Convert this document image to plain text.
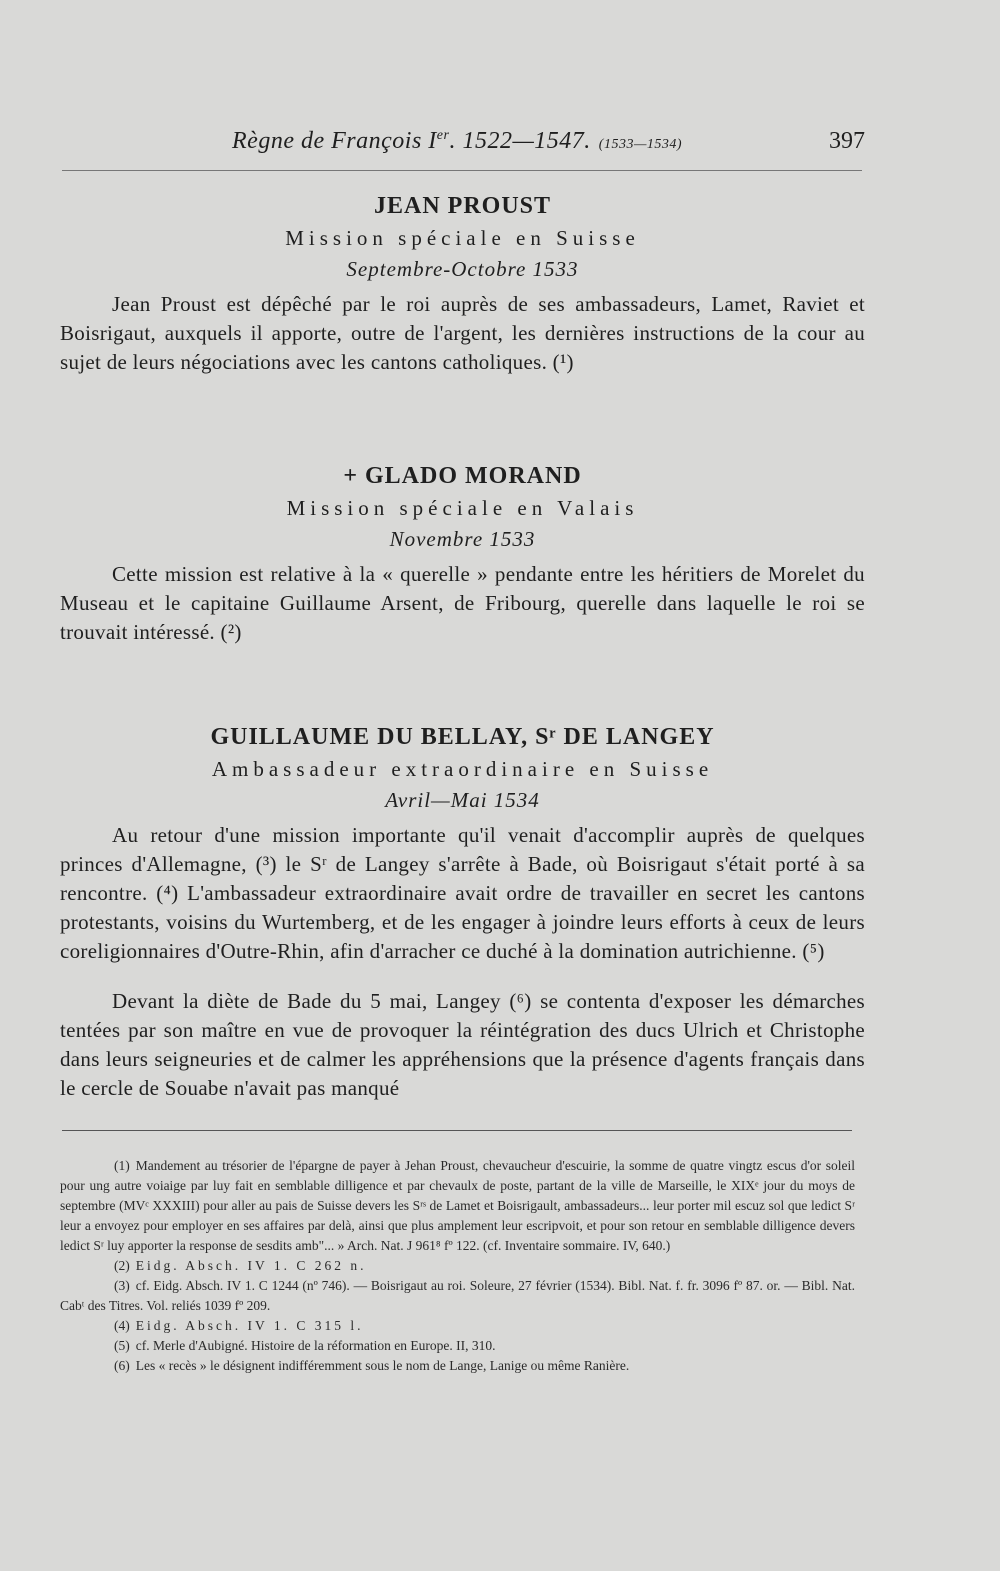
Règne de François Ier. 1522—1547. (1533—1534)	397
JEAN PROUST
Mission spéciale en Suisse
Septembre-Octobre 1533

Jean Proust est dépêché par le roi auprès de ses ambassadeurs, Lamet, Raviet et Boisrigaut, auxquels il apporte, outre de l'argent, les dernières instructions de la cour au sujet de leurs négociations avec les cantons catholiques. (¹)

+ GLADO MORAND
Mission spéciale en Valais
Novembre 1533

Cette mission est relative à la « querelle » pendante entre les héritiers de Morelet du Museau et le capitaine Guillaume Arsent, de Fribourg, querelle dans laquelle le roi se trouvait intéressé. (²)

GUILLAUME DU BELLAY, Sʳ DE LANGEY
Ambassadeur extraordinaire en Suisse
Avril—Mai 1534

Au retour d'une mission importante qu'il venait d'accomplir auprès de quelques princes d'Allemagne, (³) le Sʳ de Langey s'arrête à Bade, où Boisrigaut s'était porté à sa rencontre. (⁴) L'ambassadeur extraordinaire avait ordre de travailler en secret les cantons protestants, voisins du Wurtemberg, et de les engager à joindre leurs efforts à ceux de leurs coreligionnaires d'Outre-Rhin, afin d'arracher ce duché à la domination autrichienne. (⁵)

Devant la diète de Bade du 5 mai, Langey (⁶) se contenta d'exposer les démarches tentées par son maître en vue de provoquer la réintégration des ducs Ulrich et Christophe dans leurs seigneuries et de calmer les appréhensions que la présence d'agents français dans le cercle de Souabe n'avait pas manqué

(1) Mandement au trésorier de l'épargne de payer à Jehan Proust, chevaucheur d'escuirie, la somme de quatre vingtz escus d'or soleil pour ung autre voiaige par luy fait en semblable dilligence et par chevaulx de poste, partant de la ville de Marseille, le XIXᵉ jour du moys de septembre (MVᶜ XXXIII) pour aller au pais de Suisse devers les Sʳˢ de Lamet et Boisrigault, ambassadeurs... leur porter mil escuz sol que ledict Sʳ leur a envoyez pour employer en ses affaires par delà, ainsi que plus amplement leur escripvoit, et pour son retour en semblable dilligence devers ledict Sʳ luy apporter la response de sesdits amb"... » Arch. Nat. J 961⁸ fº 122. (cf. Inventaire sommaire. IV, 640.)
(2) Eidg. Absch. IV 1. C 262 n.
(3) cf. Eidg. Absch. IV 1. C 1244 (nº 746). — Boisrigaut au roi. Soleure, 27 février (1534). Bibl. Nat. f. fr. 3096 fº 87. or. — Bibl. Nat. Cabᵗ des Titres. Vol. reliés 1039 fº 209.
(4) Eidg. Absch. IV 1. C 315 l.
(5) cf. Merle d'Aubigné. Histoire de la réformation en Europe. II, 310.
(6) Les « recès » le désignent indifféremment sous le nom de Lange, Lanige ou même Ranière.
